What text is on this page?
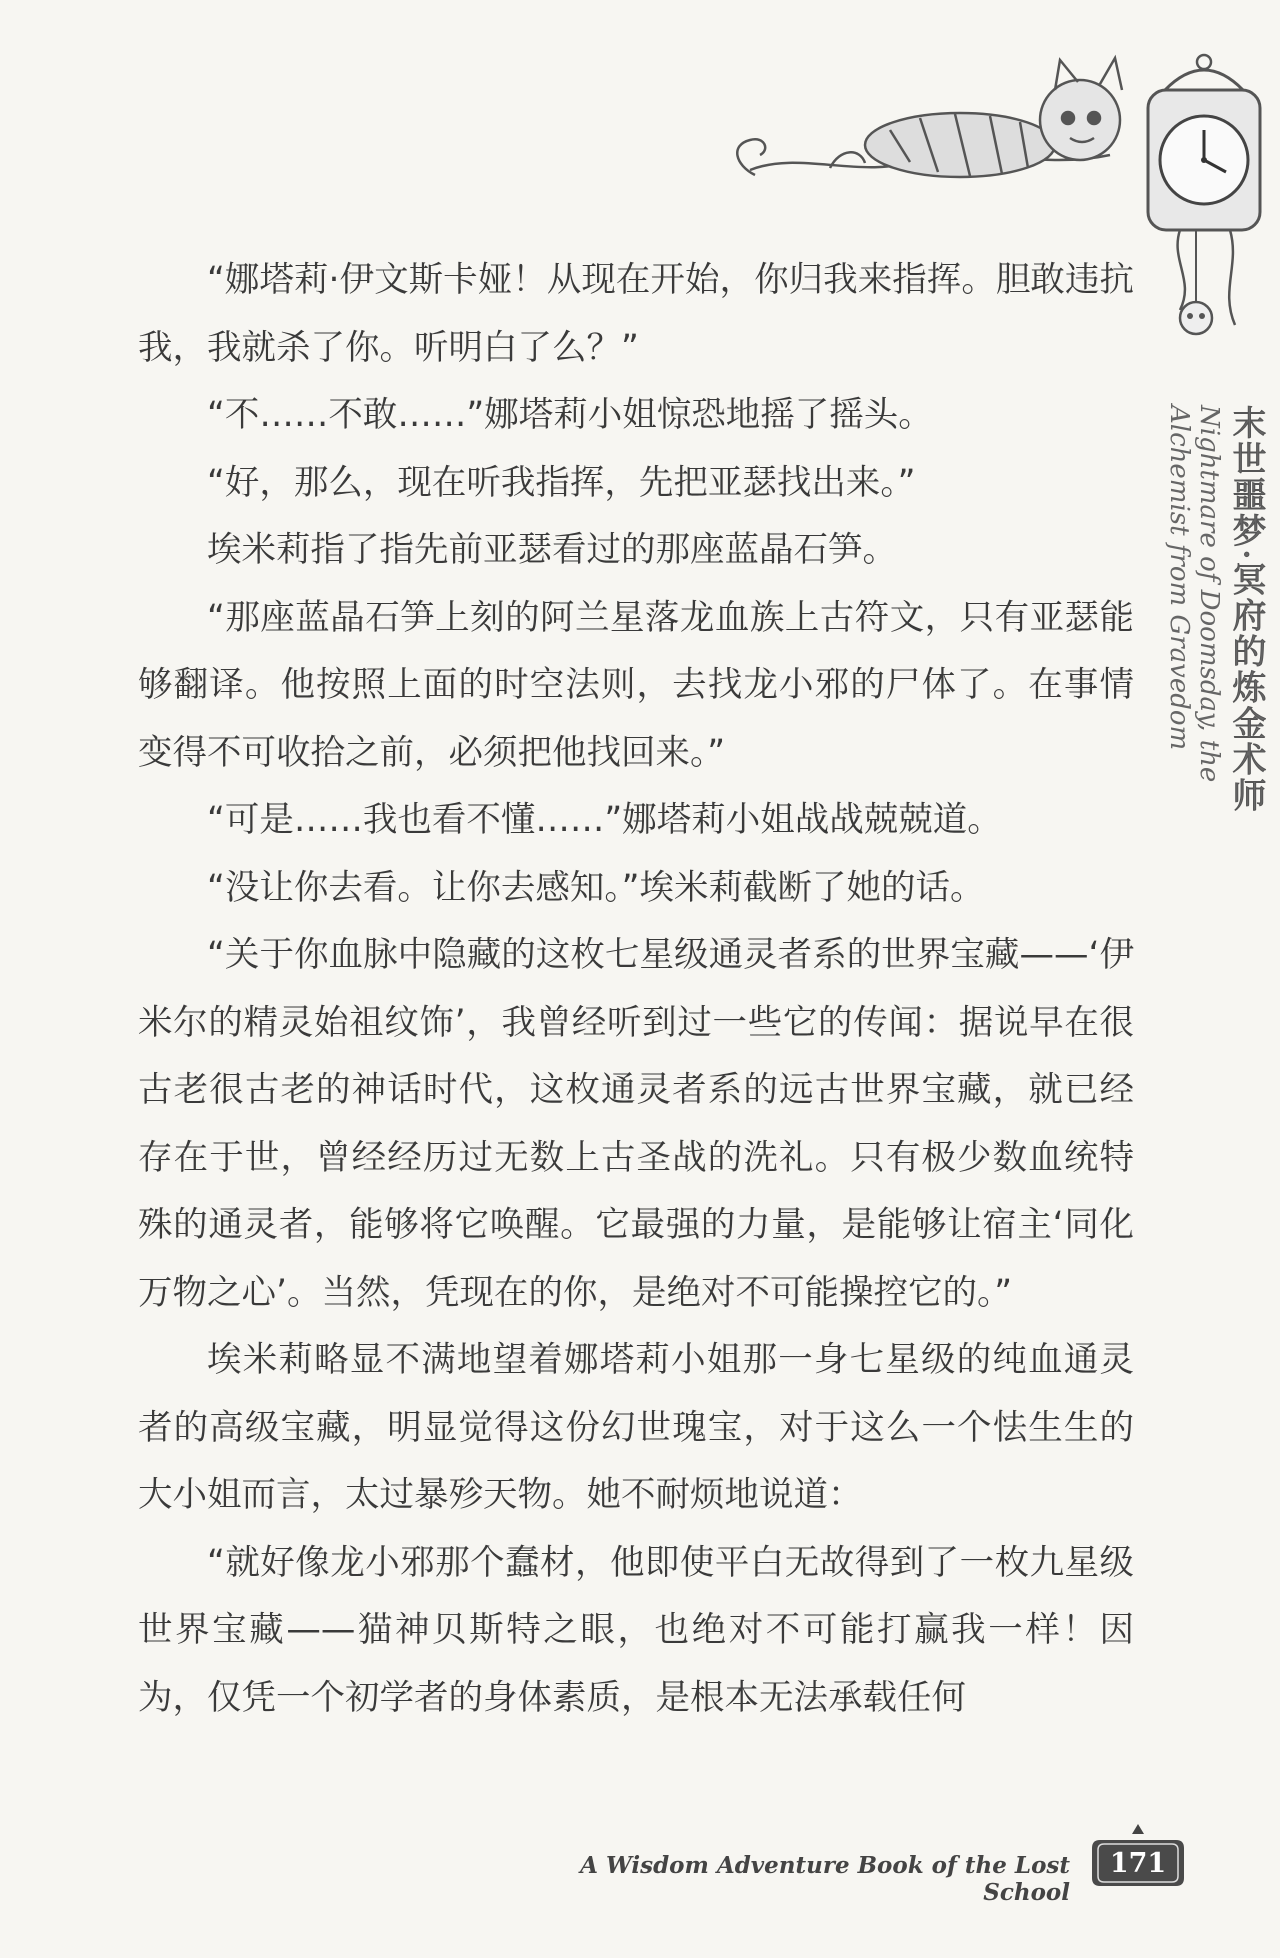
末世噩梦·冥府的炼金术师
Nightmare of Doomsday, the Alchemist from Gravedom

“娜塔莉·伊文斯卡娅！从现在开始，你归我来指挥。胆敢违抗我，我就杀了你。听明白了么？”

“不……不敢……”娜塔莉小姐惊恐地摇了摇头。

“好，那么，现在听我指挥，先把亚瑟找出来。”

埃米莉指了指先前亚瑟看过的那座蓝晶石笋。

“那座蓝晶石笋上刻的阿兰星落龙血族上古符文，只有亚瑟能够翻译。他按照上面的时空法则，去找龙小邪的尸体了。在事情变得不可收拾之前，必须把他找回来。”

“可是……我也看不懂……”娜塔莉小姐战战兢兢道。

“没让你去看。让你去感知。”埃米莉截断了她的话。

“关于你血脉中隐藏的这枚七星级通灵者系的世界宝藏——‘伊米尔的精灵始祖纹饰’，我曾经听到过一些它的传闻：据说早在很古老很古老的神话时代，这枚通灵者系的远古世界宝藏，就已经存在于世，曾经经历过无数上古圣战的洗礼。只有极少数血统特殊的通灵者，能够将它唤醒。它最强的力量，是能够让宿主‘同化万物之心’。当然，凭现在的你，是绝对不可能操控它的。”

埃米莉略显不满地望着娜塔莉小姐那一身七星级的纯血通灵者的高级宝藏，明显觉得这份幻世瑰宝，对于这么一个怯生生的大小姐而言，太过暴殄天物。她不耐烦地说道：

“就好像龙小邪那个蠢材，他即使平白无故得到了一枚九星级世界宝藏——猫神贝斯特之眼，也绝对不可能打赢我一样！因为，仅凭一个初学者的身体素质，是根本无法承载任何

A Wisdom Adventure Book of the Lost School
171
